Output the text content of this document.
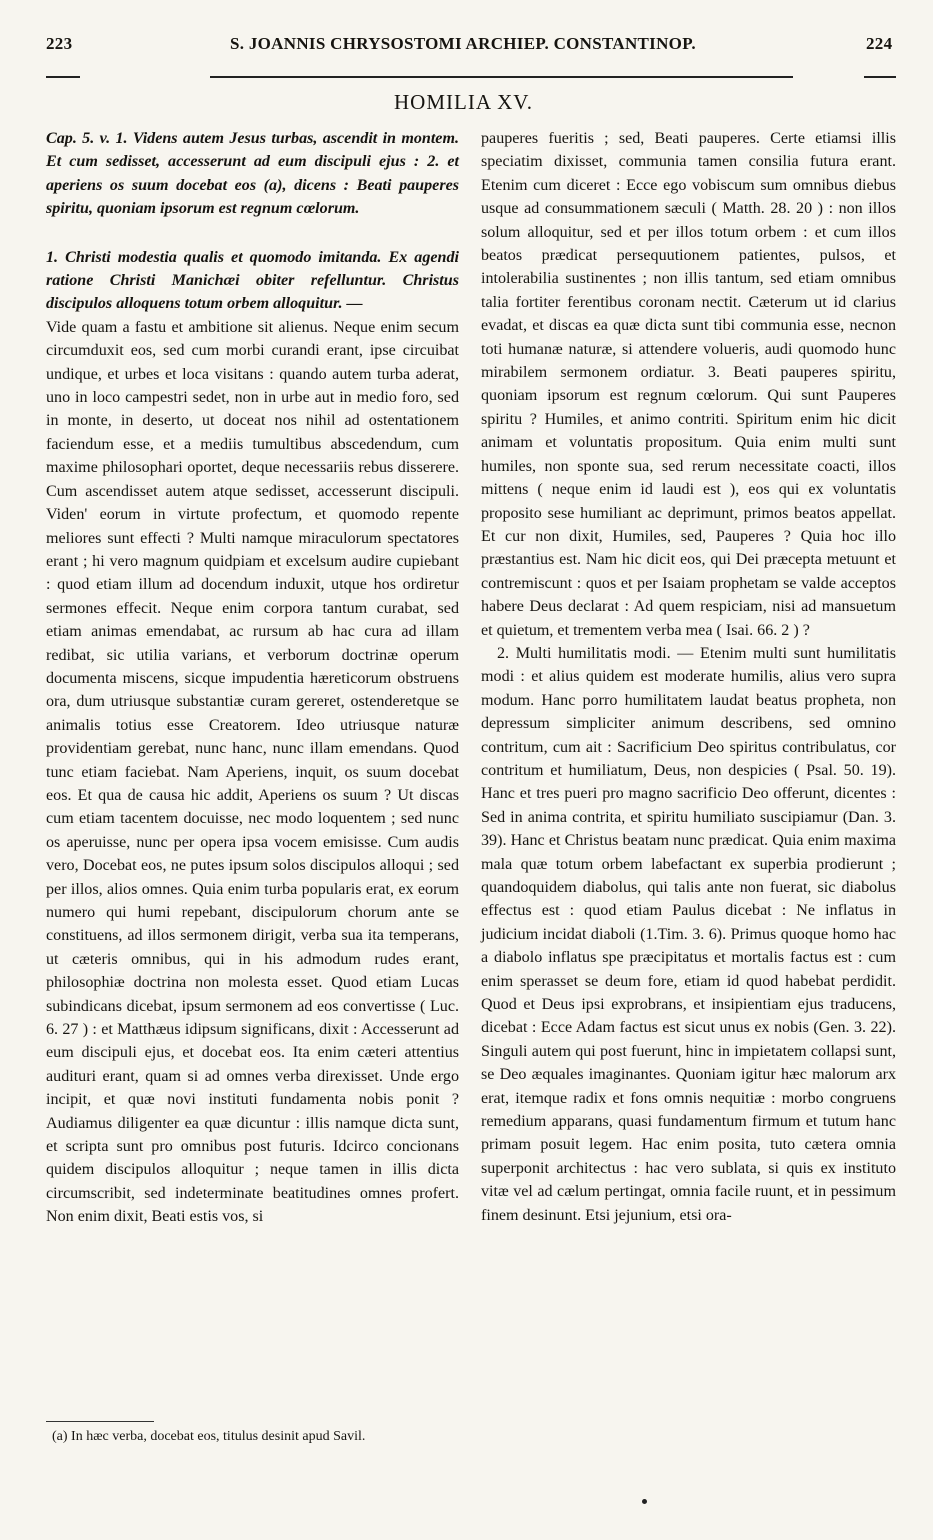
223	S. JOANNIS CHRYSOSTOMI ARCHIEP. CONSTANTINOP.	224
HOMILIA XV.

Cap. 5. v. 1. Videns autem Jesus turbas, ascendit in montem. Et cum sedisset, accesserunt ad eum discipuli ejus : 2. et aperiens os suum docebat eos (a), dicens : Beati pauperes spiritu, quoniam ipsorum est regnum cœlorum.

1. Christi modestia qualis et quomodo imitanda. Ex agendi ratione Christi Manichæi obiter refelluntur. Christus discipulos alloquens totum orbem alloquitur. —

Vide quam a fastu et ambitione sit alienus. Neque enim secum circumduxit eos, sed cum morbi curandi erant, ipse circuibat undique, et urbes et loca visitans : quando autem turba aderat, uno in loco campestri sedet, non in urbe aut in medio foro, sed in monte, in deserto, ut doceat nos nihil ad ostentationem faciendum esse, et a mediis tumultibus abscedendum, cum maxime philosophari oportet, deque necessariis rebus disserere. Cum ascendisset autem atque sedisset, accesserunt discipuli. Viden' eorum in virtute profectum, et quomodo repente meliores sunt effecti ? Multi namque miraculorum spectatores erant ; hi vero magnum quidpiam et excelsum audire cupiebant : quod etiam illum ad docendum induxit, utque hos ordiretur sermones effecit. Neque enim corpora tantum curabat, sed etiam animas emendabat, ac rursum ab hac cura ad illam redibat, sic utilia varians, et verborum doctrinæ operum documenta miscens, sicque impudentia hæreticorum obstruens ora, dum utriusque substantiæ curam gereret, ostenderetque se animalis totius esse Creatorem. Ideo utriusque naturæ providentiam gerebat, nunc hanc, nunc illam emendans. Quod tunc etiam faciebat. Nam Aperiens, inquit, os suum docebat eos. Et qua de causa hic addit, Aperiens os suum ? Ut discas cum etiam tacentem docuisse, nec modo loquentem ; sed nunc os aperuisse, nunc per opera ipsa vocem emisisse. Cum audis vero, Docebat eos, ne putes ipsum solos discipulos alloqui ; sed per illos, alios omnes. Quia enim turba popularis erat, ex eorum numero qui humi repebant, discipulorum chorum ante se constituens, ad illos sermonem dirigit, verba sua ita temperans, ut cæteris omnibus, qui in his admodum rudes erant, philosophiæ doctrina non molesta esset. Quod etiam Lucas subindicans dicebat, ipsum sermonem ad eos convertisse ( Luc. 6. 27 ) : et Matthæus idipsum significans, dixit : Accesserunt ad eum discipuli ejus, et docebat eos. Ita enim cæteri attentius audituri erant, quam si ad omnes verba direxisset. Unde ergo incipit, et quæ novi instituti fundamenta nobis ponit ? Audiamus diligenter ea quæ dicuntur : illis namque dicta sunt, et scripta sunt pro omnibus post futuris. Idcirco concionans quidem discipulos alloquitur ; neque tamen in illis dicta circumscribit, sed indeterminate beatitudines omnes profert. Non enim dixit, Beati estis vos, si

pauperes fueritis ; sed, Beati pauperes. Certe etiamsi illis speciatim dixisset, communia tamen consilia futura erant. Etenim cum diceret : Ecce ego vobiscum sum omnibus diebus usque ad consummationem sæculi ( Matth. 28. 20 ) : non illos solum alloquitur, sed et per illos totum orbem : et cum illos beatos prædicat persequutionem patientes, pulsos, et intolerabilia sustinentes ; non illis tantum, sed etiam omnibus talia fortiter ferentibus coronam nectit. Cæterum ut id clarius evadat, et discas ea quæ dicta sunt tibi communia esse, necnon toti humanæ naturæ, si attendere volueris, audi quomodo hunc mirabilem sermonem ordiatur. 3. Beati pauperes spiritu, quoniam ipsorum est regnum cœlorum. Qui sunt Pauperes spiritu ? Humiles, et animo contriti. Spiritum enim hic dicit animam et voluntatis propositum. Quia enim multi sunt humiles, non sponte sua, sed rerum necessitate coacti, illos mittens ( neque enim id laudi est ), eos qui ex voluntatis proposito sese humiliant ac deprimunt, primos beatos appellat. Et cur non dixit, Humiles, sed, Pauperes ? Quia hoc illo præstantius est. Nam hic dicit eos, qui Dei præcepta metuunt et contremiscunt : quos et per Isaiam prophetam se valde acceptos habere Deus declarat : Ad quem respiciam, nisi ad mansuetum et quietum, et trementem verba mea ( Isai. 66. 2 ) ?

2. Multi humilitatis modi. — Etenim multi sunt humilitatis modi : et alius quidem est moderate humilis, alius vero supra modum. Hanc porro humilitatem laudat beatus propheta, non depressum simpliciter animum describens, sed omnino contritum, cum ait : Sacrificium Deo spiritus contribulatus, cor contritum et humiliatum, Deus, non despicies ( Psal. 50. 19). Hanc et tres pueri pro magno sacrificio Deo offerunt, dicentes : Sed in anima contrita, et spiritu humiliato suscipiamur (Dan. 3. 39). Hanc et Christus beatam nunc prædicat. Quia enim maxima mala quæ totum orbem labefactant ex superbia prodierunt ; quandoquidem diabolus, qui talis ante non fuerat, sic diabolus effectus est : quod etiam Paulus dicebat : Ne inflatus in judicium incidat diaboli (1.Tim. 3. 6). Primus quoque homo hac a diabolo inflatus spe præcipitatus et mortalis factus est : cum enim sperasset se deum fore, etiam id quod habebat perdidit. Quod et Deus ipsi exprobrans, et insipientiam ejus traducens, dicebat : Ecce Adam factus est sicut unus ex nobis (Gen. 3. 22). Singuli autem qui post fuerunt, hinc in impietatem collapsi sunt, se Deo æquales imaginantes. Quoniam igitur hæc malorum arx erat, itemque radix et fons omnis nequitiæ : morbo congruens remedium apparans, quasi fundamentum firmum et tutum hanc primam posuit legem. Hac enim posita, tuto cætera omnia superponit architectus : hac vero sublata, si quis ex instituto vitæ vel ad cælum pertingat, omnia facile ruunt, et in pessimum finem desinunt. Etsi jejunium, etsi ora-

(a) In hæc verba, docebat eos, titulus desinit apud Savil.
